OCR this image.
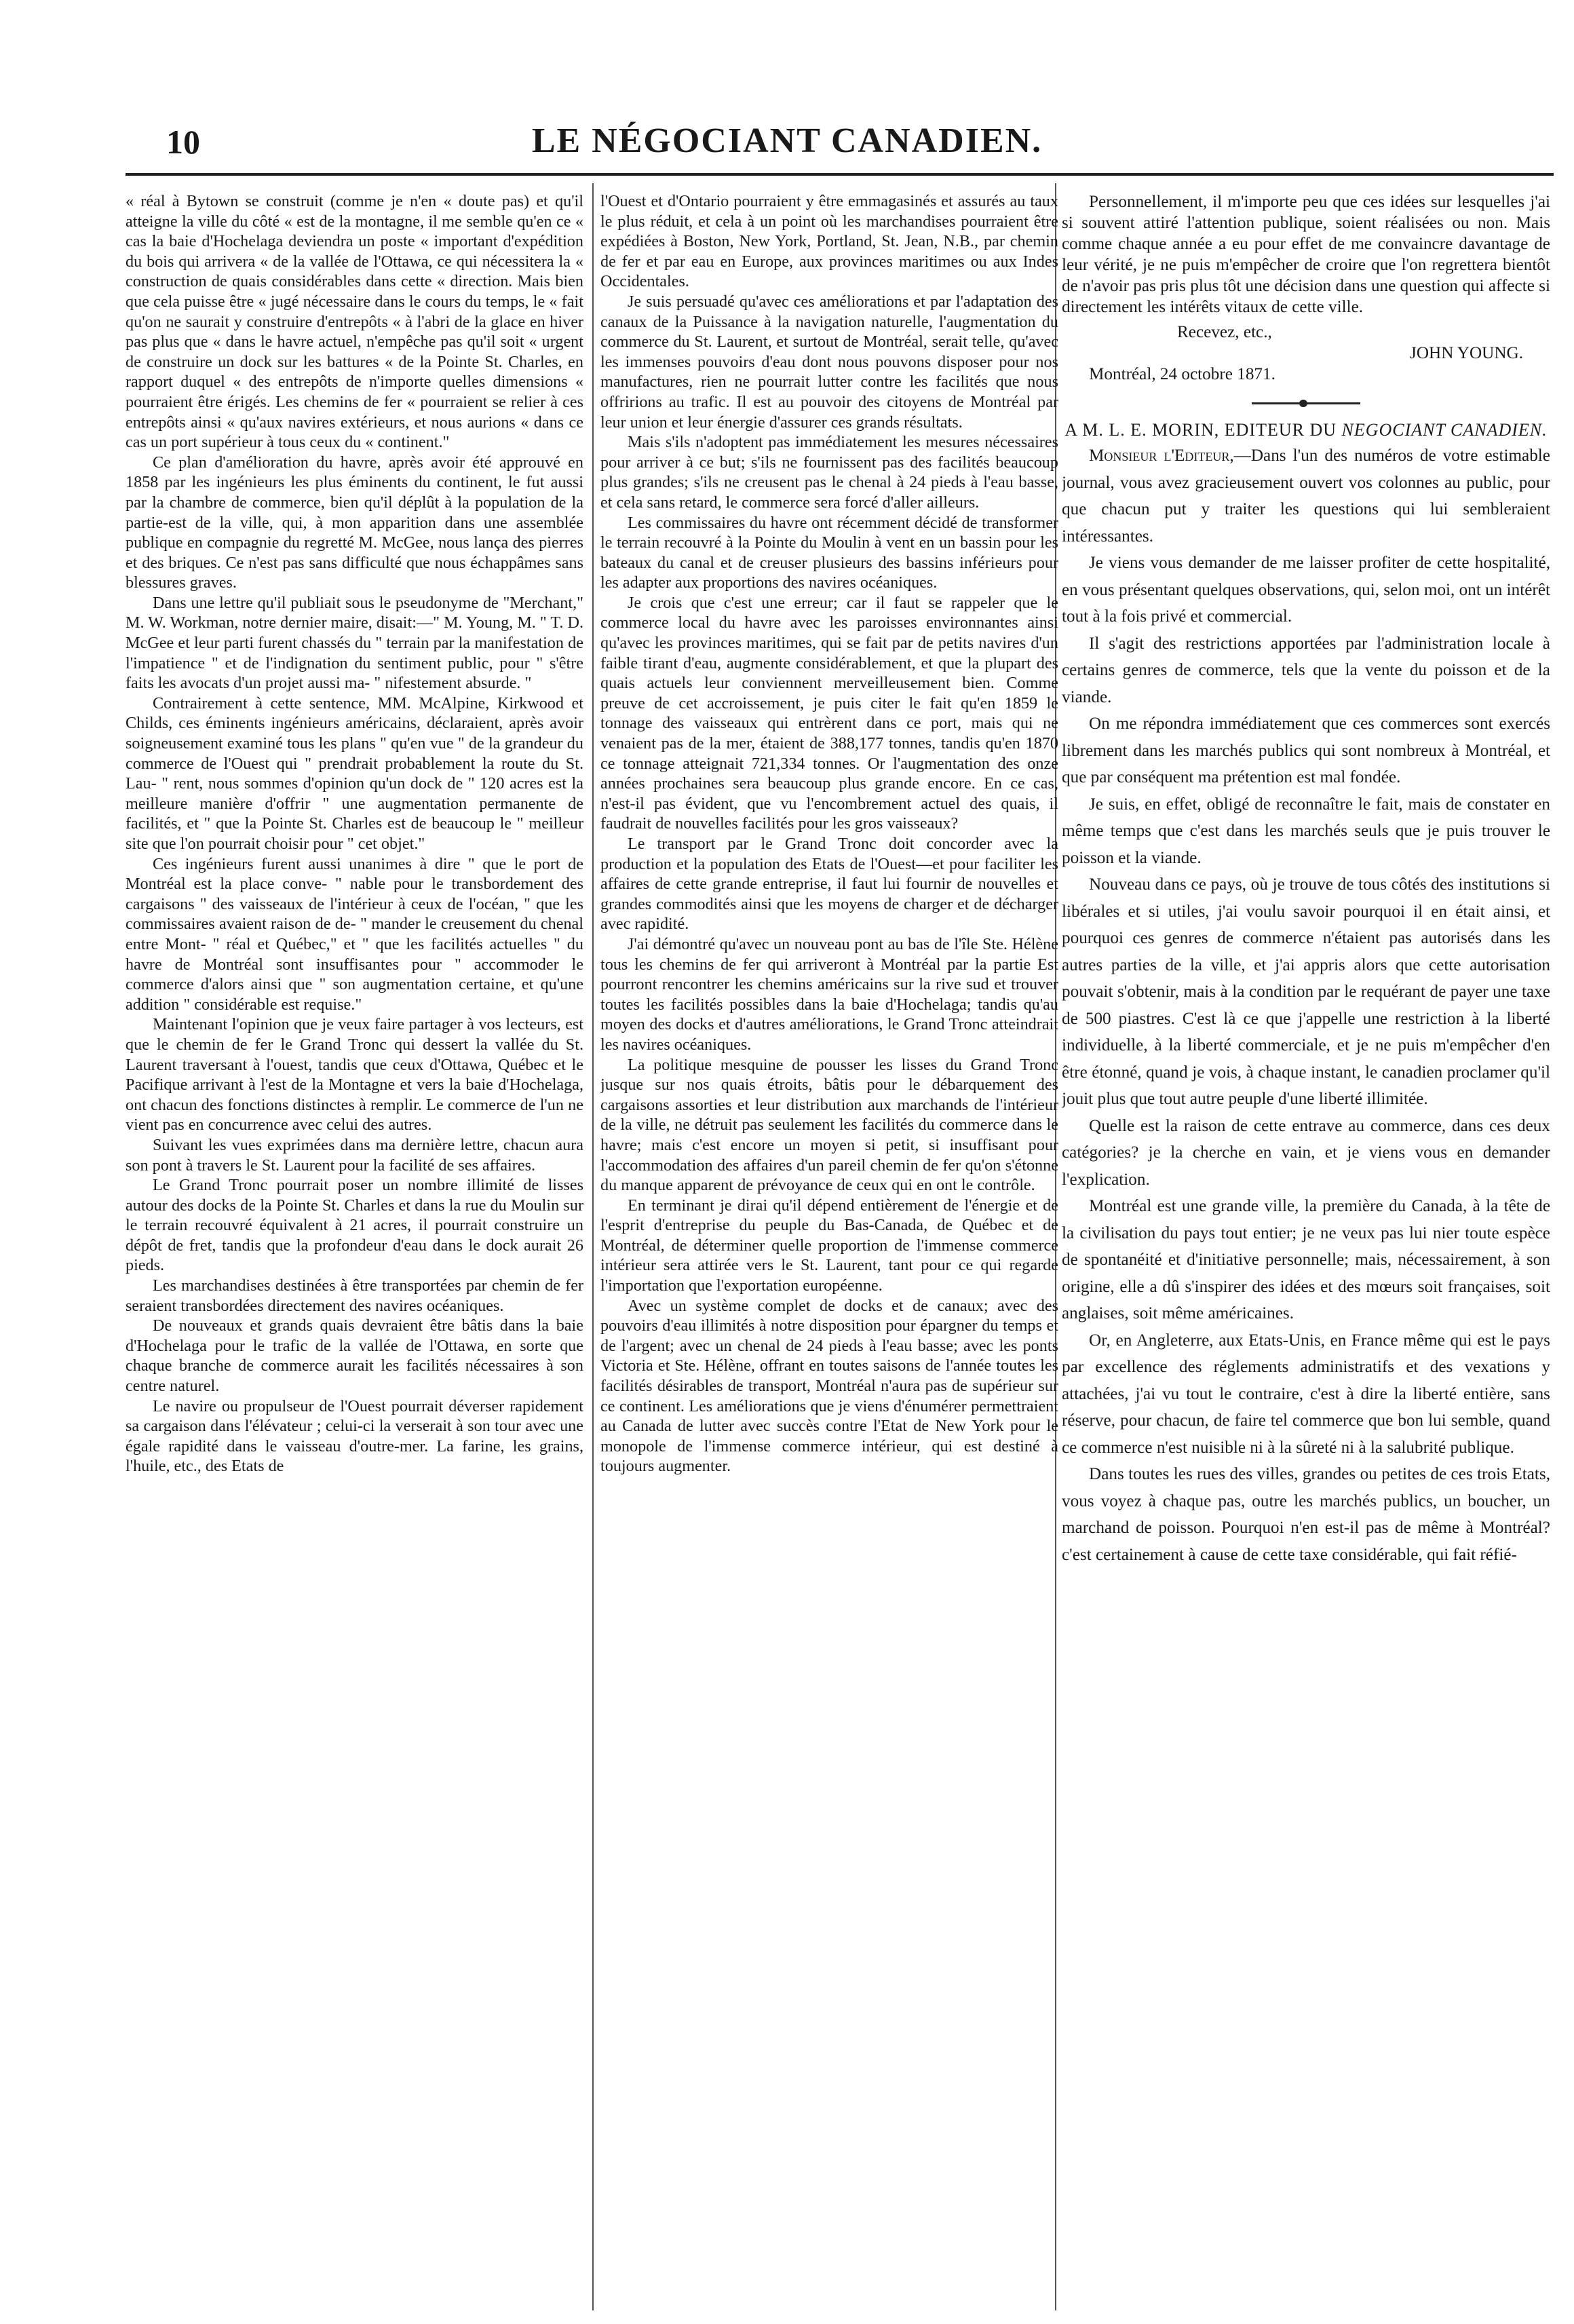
10	LE NÉGOCIANT CANADIEN.

« réal à Bytown se construit (comme je n'en « doute pas) et qu'il atteigne la ville du côté « est de la montagne, il me semble qu'en ce « cas la baie d'Hochelaga deviendra un poste « important d'expédition du bois qui arrivera « de la vallée de l'Ottawa, ce qui nécessitera la « construction de quais considérables dans cette « direction. Mais bien que cela puisse être « jugé nécessaire dans le cours du temps, le « fait qu'on ne saurait y construire d'entrepôts « à l'abri de la glace en hiver pas plus que « dans le havre actuel, n'empêche pas qu'il soit « urgent de construire un dock sur les battures « de la Pointe St. Charles, en rapport duquel « des entrepôts de n'importe quelles dimensions « pourraient être érigés. Les chemins de fer « pourraient se relier à ces entrepôts ainsi « qu'aux navires extérieurs, et nous aurions « dans ce cas un port supérieur à tous ceux du « continent."

Ce plan d'amélioration du havre, après avoir été approuvé en 1858 par les ingénieurs les plus éminents du continent, le fut aussi par la chambre de commerce, bien qu'il déplût à la population de la partie-est de la ville, qui, à mon apparition dans une assemblée publique en compagnie du regretté M. McGee, nous lança des pierres et des briques. Ce n'est pas sans difficulté que nous échappâmes sans blessures graves.

Dans une lettre qu'il publiait sous le pseudonyme de "Merchant," M. W. Workman, notre dernier maire, disait:—" M. Young, M. " T. D. McGee et leur parti furent chassés du " terrain par la manifestation de l'impatience " et de l'indignation du sentiment public, pour " s'être faits les avocats d'un projet aussi ma- " nifestement absurde. "

Contrairement à cette sentence, MM. McAlpine, Kirkwood et Childs, ces éminents ingénieurs américains, déclaraient, après avoir soigneusement examiné tous les plans " qu'en vue " de la grandeur du commerce de l'Ouest qui " prendrait probablement la route du St. Lau- " rent, nous sommes d'opinion qu'un dock de " 120 acres est la meilleure manière d'offrir " une augmentation permanente de facilités, et " que la Pointe St. Charles est de beaucoup le " meilleur site que l'on pourrait choisir pour " cet objet."

Ces ingénieurs furent aussi unanimes à dire " que le port de Montréal est la place conve- " nable pour le transbordement des cargaisons " des vaisseaux de l'intérieur à ceux de l'océan, " que les commissaires avaient raison de de- " mander le creusement du chenal entre Mont- " réal et Québec," et " que les facilités actuelles " du havre de Montréal sont insuffisantes pour " accommoder le commerce d'alors ainsi que " son augmentation certaine, et qu'une addition " considérable est requise."

Maintenant l'opinion que je veux faire partager à vos lecteurs, est que le chemin de fer le Grand Tronc qui dessert la vallée du St. Laurent traversant à l'ouest, tandis que ceux d'Ottawa, Québec et le Pacifique arrivant à l'est de la Montagne et vers la baie d'Hochelaga, ont chacun des fonctions distinctes à remplir. Le commerce de l'un ne vient pas en concurrence avec celui des autres.

Suivant les vues exprimées dans ma dernière lettre, chacun aura son pont à travers le St. Laurent pour la facilité de ses affaires.

Le Grand Tronc pourrait poser un nombre illimité de lisses autour des docks de la Pointe St. Charles et dans la rue du Moulin sur le terrain recouvré équivalent à 21 acres, il pourrait construire un dépôt de fret, tandis que la profondeur d'eau dans le dock aurait 26 pieds.

Les marchandises destinées à être transportées par chemin de fer seraient transbordées directement des navires océaniques.

De nouveaux et grands quais devraient être bâtis dans la baie d'Hochelaga pour le trafic de la vallée de l'Ottawa, en sorte que chaque branche de commerce aurait les facilités nécessaires à son centre naturel.

Le navire ou propulseur de l'Ouest pourrait déverser rapidement sa cargaison dans l'élévateur ; celui-ci la verserait à son tour avec une égale rapidité dans le vaisseau d'outre-mer. La farine, les grains, l'huile, etc., des Etats de

l'Ouest et d'Ontario pourraient y être emmagasinés et assurés au taux le plus réduit, et cela à un point où les marchandises pourraient être expédiées à Boston, New York, Portland, St. Jean, N.B., par chemin de fer et par eau en Europe, aux provinces maritimes ou aux Indes Occidentales.

Je suis persuadé qu'avec ces améliorations et par l'adaptation des canaux de la Puissance à la navigation naturelle, l'augmentation du commerce du St. Laurent, et surtout de Montréal, serait telle, qu'avec les immenses pouvoirs d'eau dont nous pouvons disposer pour nos manufactures, rien ne pourrait lutter contre les facilités que nous offririons au trafic. Il est au pouvoir des citoyens de Montréal par leur union et leur énergie d'assurer ces grands résultats.

Mais s'ils n'adoptent pas immédiatement les mesures nécessaires pour arriver à ce but; s'ils ne fournissent pas des facilités beaucoup plus grandes; s'ils ne creusent pas le chenal à 24 pieds à l'eau basse, et cela sans retard, le commerce sera forcé d'aller ailleurs.

Les commissaires du havre ont récemment décidé de transformer le terrain recouvré à la Pointe du Moulin à vent en un bassin pour les bateaux du canal et de creuser plusieurs des bassins inférieurs pour les adapter aux proportions des navires océaniques.

Je crois que c'est une erreur; car il faut se rappeler que le commerce local du havre avec les paroisses environnantes ainsi qu'avec les provinces maritimes, qui se fait par de petits navires d'un faible tirant d'eau, augmente considérablement, et que la plupart des quais actuels leur conviennent merveilleusement bien. Comme preuve de cet accroissement, je puis citer le fait qu'en 1859 le tonnage des vaisseaux qui entrèrent dans ce port, mais qui ne venaient pas de la mer, étaient de 388,177 tonnes, tandis qu'en 1870 ce tonnage atteignait 721,334 tonnes. Or l'augmentation des onze années prochaines sera beaucoup plus grande encore. En ce cas, n'est-il pas évident, que vu l'encombrement actuel des quais, il faudrait de nouvelles facilités pour les gros vaisseaux?

Le transport par le Grand Tronc doit concorder avec la production et la population des Etats de l'Ouest—et pour faciliter les affaires de cette grande entreprise, il faut lui fournir de nouvelles et grandes commodités ainsi que les moyens de charger et de décharger avec rapidité.

J'ai démontré qu'avec un nouveau pont au bas de l'île Ste. Hélène tous les chemins de fer qui arriveront à Montréal par la partie Est pourront rencontrer les chemins américains sur la rive sud et trouver toutes les facilités possibles dans la baie d'Hochelaga; tandis qu'au moyen des docks et d'autres améliorations, le Grand Tronc atteindrait les navires océaniques.

La politique mesquine de pousser les lisses du Grand Tronc jusque sur nos quais étroits, bâtis pour le débarquement des cargaisons assorties et leur distribution aux marchands de l'intérieur de la ville, ne détruit pas seulement les facilités du commerce dans le havre; mais c'est encore un moyen si petit, si insuffisant pour l'accommodation des affaires d'un pareil chemin de fer qu'on s'étonne du manque apparent de prévoyance de ceux qui en ont le contrôle.

En terminant je dirai qu'il dépend entièrement de l'énergie et de l'esprit d'entreprise du peuple du Bas-Canada, de Québec et de Montréal, de déterminer quelle proportion de l'immense commerce intérieur sera attirée vers le St. Laurent, tant pour ce qui regarde l'importation que l'exportation européenne.

Avec un système complet de docks et de canaux; avec des pouvoirs d'eau illimités à notre disposition pour épargner du temps et de l'argent; avec un chenal de 24 pieds à l'eau basse; avec les ponts Victoria et Ste. Hélène, offrant en toutes saisons de l'année toutes les facilités désirables de transport, Montréal n'aura pas de supérieur sur ce continent. Les améliorations que je viens d'énumérer permettraient au Canada de lutter avec succès contre l'Etat de New York pour le monopole de l'immense commerce intérieur, qui est destiné à toujours augmenter.

Personnellement, il m'importe peu que ces idées sur lesquelles j'ai si souvent attiré l'attention publique, soient réalisées ou non. Mais comme chaque année a eu pour effet de me convaincre davantage de leur vérité, je ne puis m'empêcher de croire que l'on regrettera bientôt de n'avoir pas pris plus tôt une décision dans une question qui affecte si directement les intérêts vitaux de cette ville.

Recevez, etc.,

JOHN YOUNG.

Montréal, 24 octobre 1871.

A M. L. E. MORIN, EDITEUR DU NEGOCIANT CANADIEN.

Monsieur l'Editeur,—Dans l'un des numéros de votre estimable journal, vous avez gracieusement ouvert vos colonnes au public, pour que chacun put y traiter les questions qui lui sembleraient intéressantes.

Je viens vous demander de me laisser profiter de cette hospitalité, en vous présentant quelques observations, qui, selon moi, ont un intérêt tout à la fois privé et commercial.

Il s'agit des restrictions apportées par l'administration locale à certains genres de commerce, tels que la vente du poisson et de la viande.

On me répondra immédiatement que ces commerces sont exercés librement dans les marchés publics qui sont nombreux à Montréal, et que par conséquent ma prétention est mal fondée.

Je suis, en effet, obligé de reconnaître le fait, mais de constater en même temps que c'est dans les marchés seuls que je puis trouver le poisson et la viande.

Nouveau dans ce pays, où je trouve de tous côtés des institutions si libérales et si utiles, j'ai voulu savoir pourquoi il en était ainsi, et pourquoi ces genres de commerce n'étaient pas autorisés dans les autres parties de la ville, et j'ai appris alors que cette autorisation pouvait s'obtenir, mais à la condition par le requérant de payer une taxe de 500 piastres. C'est là ce que j'appelle une restriction à la liberté individuelle, à la liberté commerciale, et je ne puis m'empêcher d'en être étonné, quand je vois, à chaque instant, le canadien proclamer qu'il jouit plus que tout autre peuple d'une liberté illimitée.

Quelle est la raison de cette entrave au commerce, dans ces deux catégories? je la cherche en vain, et je viens vous en demander l'explication.

Montréal est une grande ville, la première du Canada, à la tête de la civilisation du pays tout entier; je ne veux pas lui nier toute espèce de spontanéité et d'initiative personnelle; mais, nécessairement, à son origine, elle a dû s'inspirer des idées et des mœurs soit françaises, soit anglaises, soit même américaines.

Or, en Angleterre, aux Etats-Unis, en France même qui est le pays par excellence des réglements administratifs et des vexations y attachées, j'ai vu tout le contraire, c'est à dire la liberté entière, sans réserve, pour chacun, de faire tel commerce que bon lui semble, quand ce commerce n'est nuisible ni à la sûreté ni à la salubrité publique.

Dans toutes les rues des villes, grandes ou petites de ces trois Etats, vous voyez à chaque pas, outre les marchés publics, un boucher, un marchand de poisson. Pourquoi n'en est-il pas de même à Montréal? c'est certainement à cause de cette taxe considérable, qui fait réfié-
